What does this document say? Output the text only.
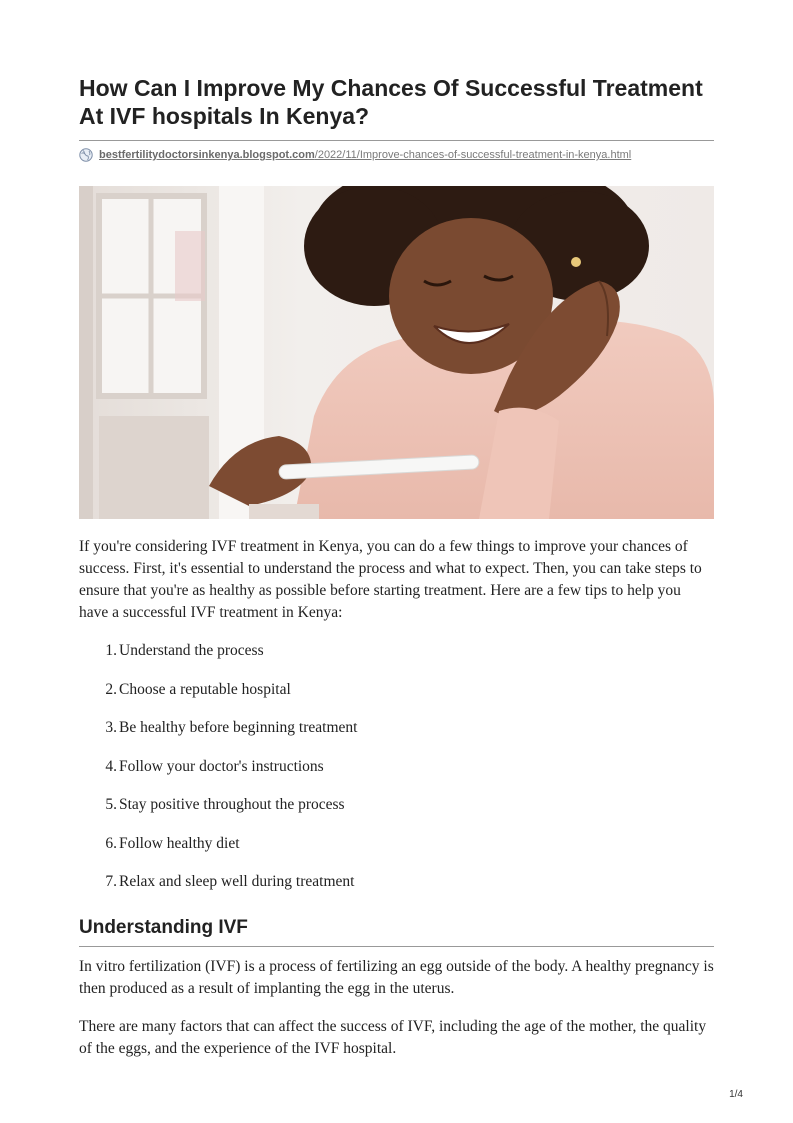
How Can I Improve My Chances Of Successful Treatment At IVF hospitals In Kenya?
bestfertilitydoctorsinkenya.blogspot.com/2022/11/Improve-chances-of-successful-treatment-in-kenya.html

If you're considering IVF treatment in Kenya, you can do a few things to improve your chances of success. First, it's essential to understand the process and what to expect. Then, you can take steps to ensure that you're as healthy as possible before starting treatment. Here are a few tips to help you have a successful IVF treatment in Kenya:

1. Understand the process
2. Choose a reputable hospital
3. Be healthy before beginning treatment
4. Follow your doctor's instructions
5. Stay positive throughout the process
6. Follow healthy diet
7. Relax and sleep well during treatment
Understanding IVF

In vitro fertilization (IVF) is a process of fertilizing an egg outside of the body. A healthy pregnancy is then produced as a result of implanting the egg in the uterus.

There are many factors that can affect the success of IVF, including the age of the mother, the quality of the eggs, and the experience of the IVF hospital.

1/4
